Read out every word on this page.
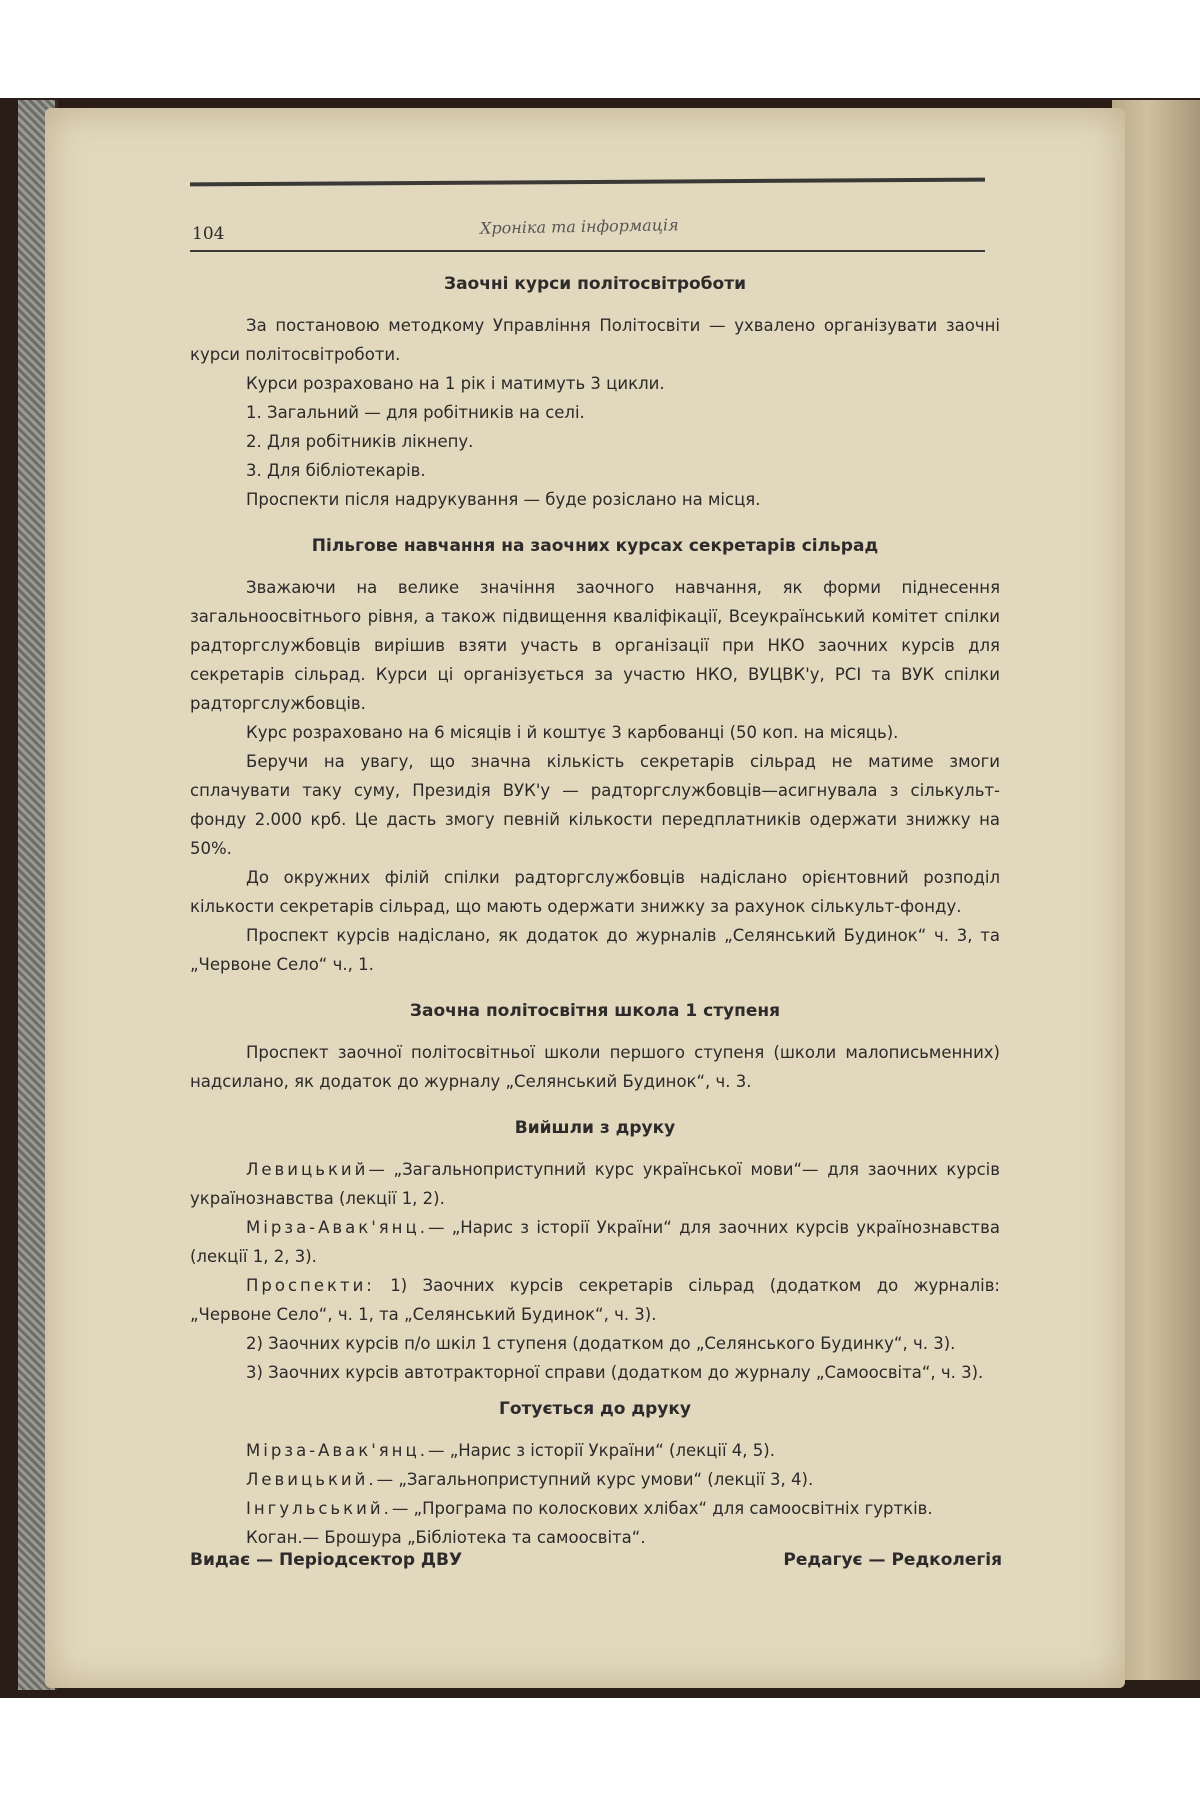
104	Хроніка та інформація
Заочні курси політосвітроботи

За постановою методкому Управління Політосвіти — ухвалено організувати заочні курси політосвітроботи.

Курси розраховано на 1 рік і матимуть 3 цикли.

1. Загальний — для робітників на селі.

2. Для робітників лікнепу.

3. Для бібліотекарів.

Проспекти після надрукування — буде розіслано на місця.

Пільгове навчання на заочних курсах секретарів сільрад

Зважаючи на велике значіння заочного навчання, як форми піднесення загальноосвітнього рівня, а також підвищення кваліфікації, Всеукраїнський комітет спілки радторгслужбовців вирішив взяти участь в організації при НКО заочних курсів для секретарів сільрад. Курси ці організується за участю НКО, ВУЦВК'у, РСІ та ВУК спілки радторгслужбовців.

Курс розраховано на 6 місяців і й коштує 3 карбованці (50 коп. на місяць).

Беручи на увагу, що значна кількість секретарів сільрад не матиме змоги сплачувати таку суму, Президія ВУК'у — радторгслужбовців—асигнувала з сількульт-фонду 2.000 крб. Це дасть змогу певній кількости передплатників одержати знижку на 50%.

До окружних філій спілки радторгслужбовців надіслано орієнтовний розподіл кількости секретарів сільрад, що мають одержати знижку за рахунок сількульт-фонду.

Проспект курсів надіслано, як додаток до журналів „Селянський Будинок“ ч. 3, та „Червоне Село“ ч., 1.

Заочна політосвітня школа 1 ступеня

Проспект заочної політосвітньої школи першого ступеня (школи малописьменних) надсилано, як додаток до журналу „Селянський Будинок“, ч. 3.

Вийшли з друку

Левицький— „Загальноприступний курс української мови“— для заочних курсів українознавства (лекції 1, 2).

Мірза-Авак'янц.— „Нарис з історії України“ для заочних курсів українознавства (лекції 1, 2, 3).

Проспекти: 1) Заочних курсів секретарів сільрад (додатком до журналів: „Червоне Село“, ч. 1, та „Селянський Будинок“, ч. 3).

2) Заочних курсів п/о шкіл 1 ступеня (додатком до „Селянського Будинку“, ч. 3).

3) Заочних курсів автотракторної справи (додатком до журналу „Самоосвіта“, ч. 3).

Готується до друку

Мірза-Авак'янц.— „Нарис з історії України“ (лекції 4, 5).

Левицький.— „Загальноприступний курс умови“ (лекції 3, 4).

Інгульський.— „Програма по колоскових хлібах“ для самоосвітніх гуртків.

Коган.— Брошура „Бібліотека та самоосвіта“.

Видає — Періодсектор ДВУ	Редагує — Редколегія
